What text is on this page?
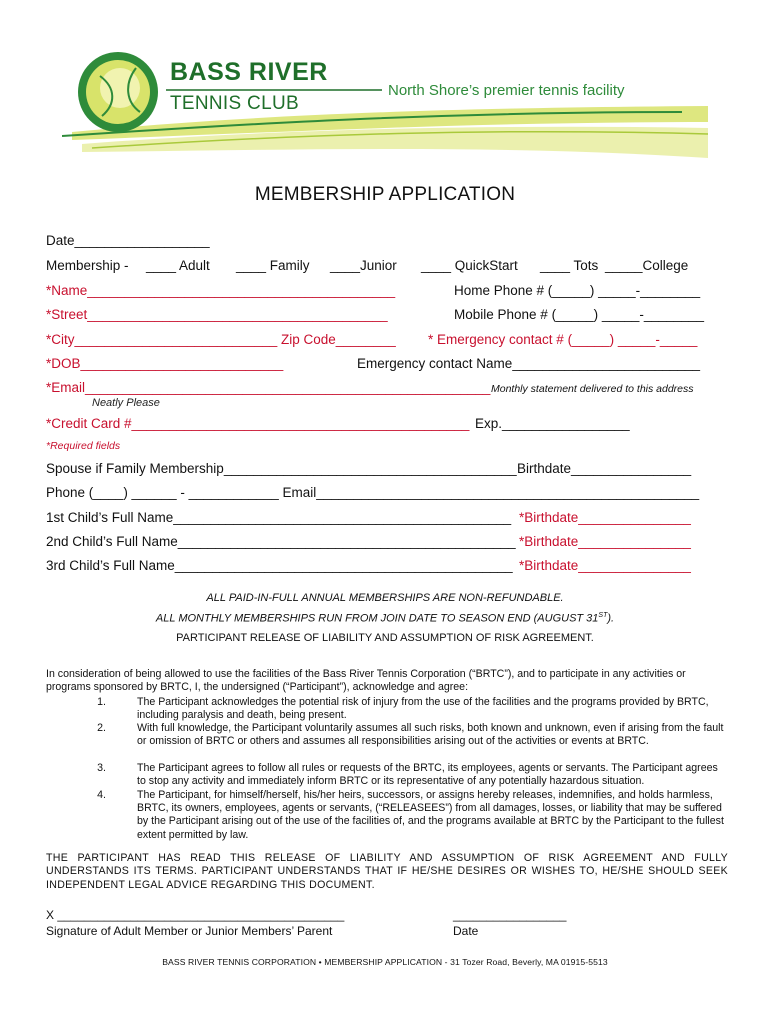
BASS RIVER
TENNIS CLUB
North Shore’s premier tennis facility
MEMBERSHIP APPLICATION
Date__________________
Membership - ____ Adult ____ Family ____Junior ____ QuickStart ____ Tots _____College
*Name_________________________________________	Home Phone # (_____) _____-________
*Street________________________________________	Mobile Phone # (_____) _____-________
*City___________________________ Zip Code________ * Emergency contact # (_____) _____-_____
*DOB___________________________	Emergency contact Name_________________________
*Email______________________________________________________ Monthly statement delivered to this address
Neatly Please
*Credit Card #_____________________________________________ Exp._________________
*Required fields
Spouse if Family Membership_______________________________________ Birthdate________________
Phone (____) ______ - ____________ Email___________________________________________________
1st Child’s Full Name_____________________________________________ *Birthdate_______________
2nd Child’s Full Name_____________________________________________ *Birthdate_______________
3rd Child’s Full Name_____________________________________________ *Birthdate_______________
ALL PAID-IN-FULL ANNUAL MEMBERSHIPS ARE NON-REFUNDABLE.
ALL MONTHLY MEMBERSHIPS RUN FROM JOIN DATE TO SEASON END (AUGUST 31ST).
PARTICIPANT RELEASE OF LIABILITY AND ASSUMPTION OF RISK AGREEMENT.
In consideration of being allowed to use the facilities of the Bass River Tennis Corporation (“BRTC”), and to participate in any activities or programs sponsored by BRTC, I, the undersigned (“Participant”), acknowledge and agree:
1.	The Participant acknowledges the potential risk of injury from the use of the facilities and the programs provided by BRTC, including paralysis and death, being present.
2.	With full knowledge, the Participant voluntarily assumes all such risks, both known and unknown, even if arising from the fault or omission of BRTC or others and assumes all responsibilities arising out of the activities or events at BRTC.
3.	The Participant agrees to follow all rules or requests of the BRTC, its employees, agents or servants. The Participant agrees to stop any activity and immediately inform BRTC or its representative of any potentially hazardous situation.
4.	The Participant, for himself/herself, his/her heirs, successors, or assigns hereby releases, indemnifies, and holds harmless, BRTC, its owners, employees, agents or servants, (“RELEASEES”) from all damages, losses, or liability that may be suffered by the Participant arising out of the use of the facilities of, and the programs available at BRTC by the Participant to the fullest extent permitted by law.
THE PARTICIPANT HAS READ THIS RELEASE OF LIABILITY AND ASSUMPTION OF RISK AGREEMENT AND FULLY UNDERSTANDS ITS TERMS. PARTICIPANT UNDERSTANDS THAT IF HE/SHE DESIRES OR WISHES TO, HE/SHE SHOULD SEEK INDEPENDENT LEGAL ADVICE REGARDING THIS DOCUMENT.
X ___________________________________________
Signature of Adult Member or Junior Members’ Parent
_________________
Date
BASS RIVER TENNIS CORPORATION • MEMBERSHIP APPLICATION - 31 Tozer Road, Beverly, MA 01915-5513
